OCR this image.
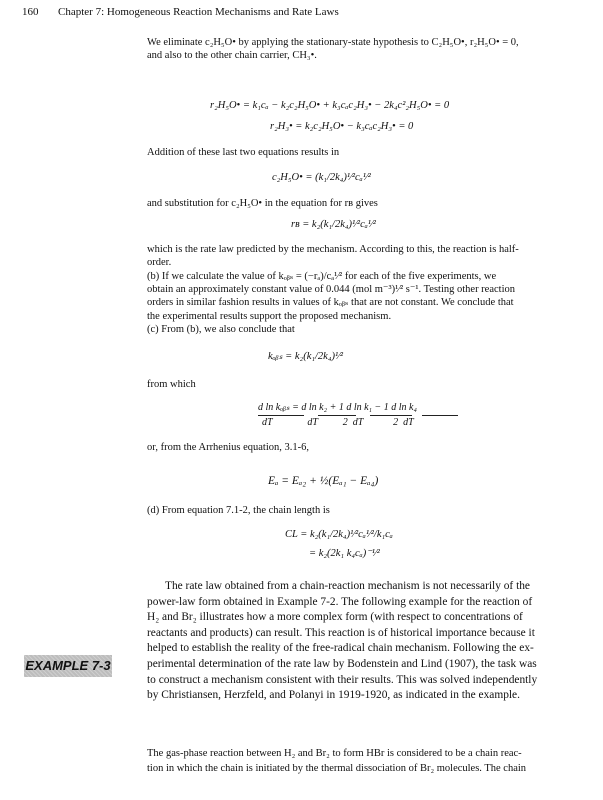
160 Chapter 7: Homogeneous Reaction Mechanisms and Rate Laws
We eliminate c₂H₅O• by applying the stationary-state hypothesis to C₂H₅O•, r₂H₅O• = 0,
and also to the other chain carrier, CH₃•.
r₂H₅O• = k₁cₐ − k₂c₂H₅O• + k₃cₐc₂H₃• − 2k₄c²₂H₅O• = 0
r₂H₃• = k₂c₂H₅O• − k₃cₐc₂H₃• = 0
Addition of these last two equations results in
c₂H₅O• = (k₁/2k₄)¹⁄²cₐ¹⁄²
and substitution for c₂H₅O• in the equation for rʙ gives
rʙ = k₂(k₁/2k₄)¹⁄²cₐ¹⁄²
which is the rate law predicted by the mechanism. According to this, the reaction is half-
order.
(b) If we calculate the value of kₒᵦₛ = (−rₐ)/cₐ¹⁄² for each of the five experiments, we
obtain an approximately constant value of 0.044 (mol m⁻³)¹⁄² s⁻¹. Testing other reaction
orders in similar fashion results in values of kₒᵦₛ that are not constant. We conclude that
the experimental results support the proposed mechanism.
(c) From (b), we also conclude that
kₒᵦₛ = k₂(k₁/2k₄)¹⁄²
from which
d ln kₒᵦₛ = d ln k₂ + 1 d ln k₁ − 1 d ln k₄
dT              dT          2  dT            2  dT
or, from the Arrhenius equation, 3.1-6,
Eₐ = Eₐ₂ + ½(Eₐ₁ − Eₐ₄)
(d) From equation 7.1-2, the chain length is
CL = k₂(k₁/2k₄)¹⁄²cₐ¹⁄²/k₁cₐ
= k₂(2k₁ k₄cₐ)⁻¹⁄²
The rate law obtained from a chain-reaction mechanism is not necessarily of the
power-law form obtained in Example 7-2. The following example for the reaction of
H₂ and Br₂ illustrates how a more complex form (with respect to concentrations of
reactants and products) can result. This reaction is of historical importance because it
helped to establish the reality of the free-radical chain mechanism. Following the ex-
perimental determination of the rate law by Bodenstein and Lind (1907), the task was
to construct a mechanism consistent with their results. This was solved independently
by Christiansen, Herzfeld, and Polanyi in 1919-1920, as indicated in the example.
EXAMPLE 7-3
The gas-phase reaction between H₂ and Br₂ to form HBr is considered to be a chain reac-
tion in which the chain is initiated by the thermal dissociation of Br₂ molecules. The chain
